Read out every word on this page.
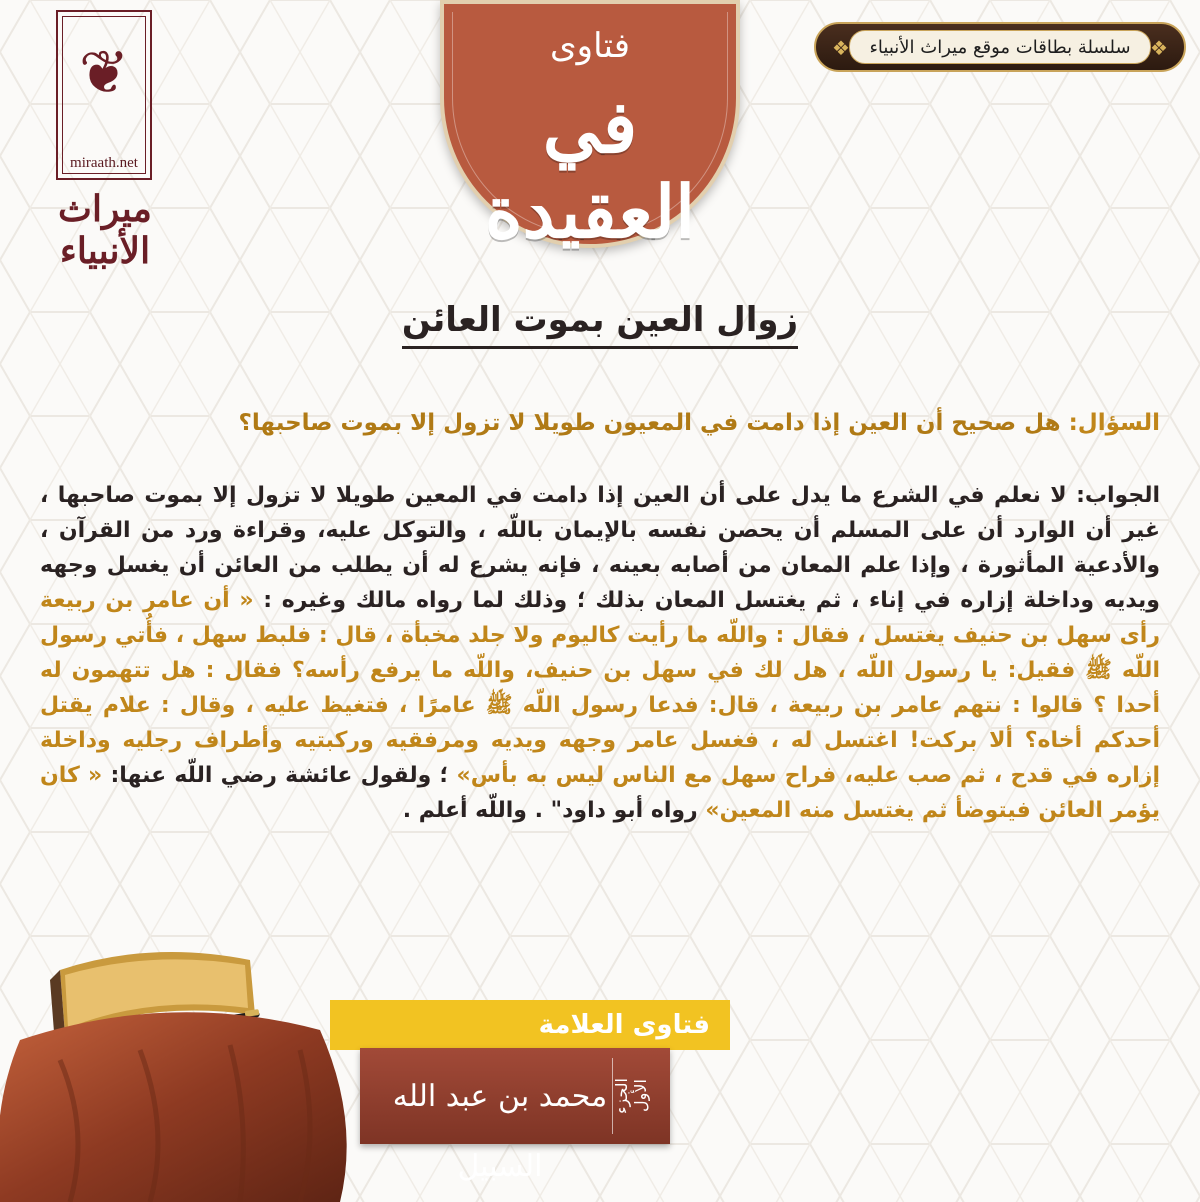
❖	سلسلة بطاقات موقع ميراث الأنبياء ❖
فتاوى
في العقيدة
❦
miraath.net
ميراث الأنبياء
زوال العين بموت العائن
السؤال: هل صحيح أن العين إذا دامت في المعيون طويلا لا تزول إلا بموت صاحبها؟
الجواب: لا نعلم في الشرع ما يدل على أن العين إذا دامت في المعين طويلا لا تزول إلا بموت صاحبها ، غير أن الوارد أن على المسلم أن يحصن نفسه بالإيمان باللّه ، والتوكل عليه، وقراءة ورد من القرآن ، والأدعية المأثورة ، وإذا علم المعان من أصابه بعينه ، فإنه يشرع له أن يطلب من العائن أن يغسل وجهه ويديه وداخلة إزاره في إناء ، ثم يغتسل المعان بذلك ؛ وذلك لما رواه مالك وغيره : « أن عامر بن ربيعة رأى سهل بن حنيف يغتسل ، فقال : واللّه ما رأيت كاليوم ولا جلد مخبأة ، قال : فلبط سهل ، فأُتي رسول اللّه ﷺ فقيل: يا رسول اللّه ، هل لك في سهل بن حنيف، واللّه ما يرفع رأسه؟ فقال : هل تتهمون له أحدا ؟ قالوا : نتهم عامر بن ربيعة ، قال: فدعا رسول اللّه ﷺ عامرًا ، فتغيظ عليه ، وقال : علام يقتل أحدكم أخاه؟ ألا بركت! اغتسل له ، فغسل عامر وجهه ويديه ومرفقيه وركبتيه وأطراف رجليه وداخلة إزاره في قدح ، ثم صب عليه، فراح سهل مع الناس ليس به بأس» ؛ ولقول عائشة رضي اللّه عنها: « كان يؤمر العائن فيتوضأ ثم يغتسل منه المعين» رواه أبو داود" . واللّه أعلم .
فتاوى العلامة
محمد بن عبد الله السبيل
الجزء الأول
